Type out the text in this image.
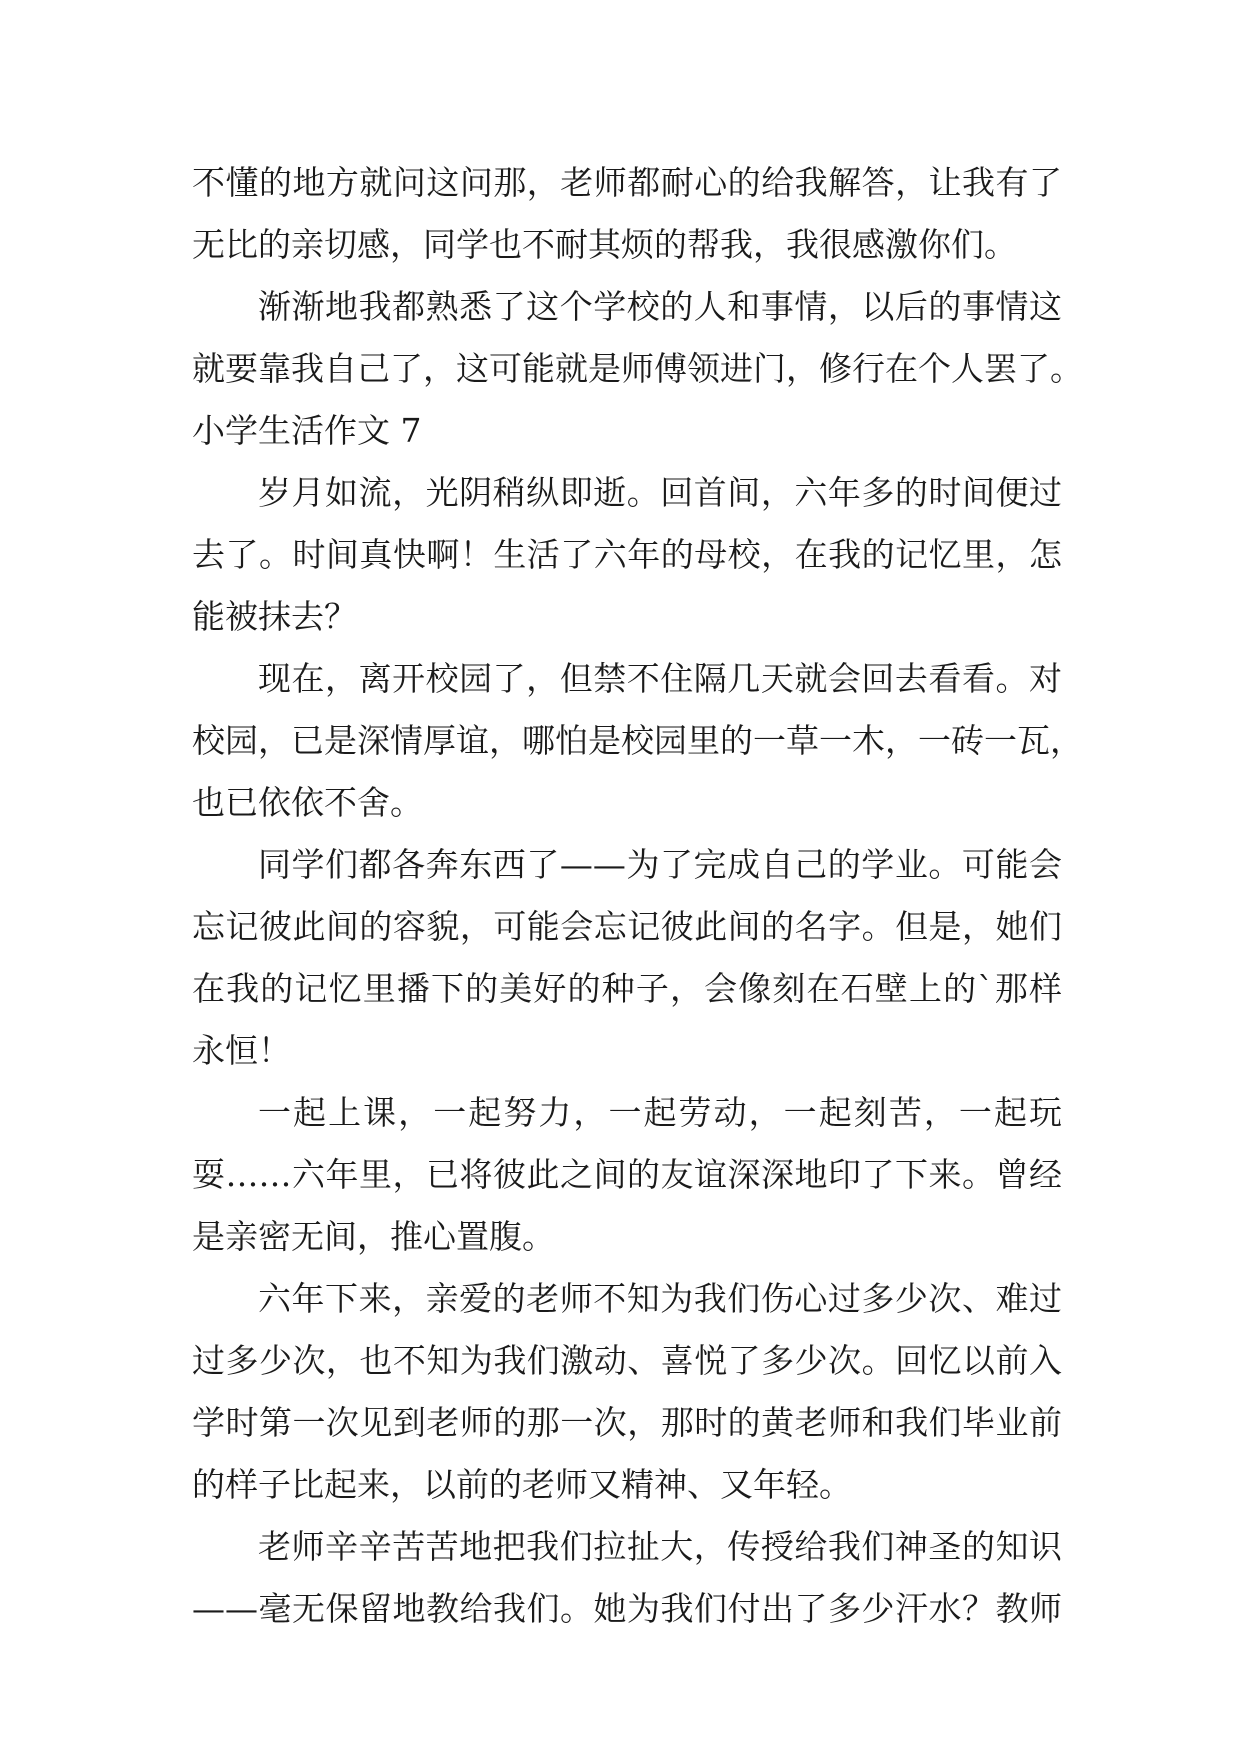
不懂的地方就问这问那，老师都耐心的给我解答，让我有了
无比的亲切感，同学也不耐其烦的帮我，我很感激你们。
渐渐地我都熟悉了这个学校的人和事情，以后的事情这
就要靠我自己了，这可能就是师傅领进门，修行在个人罢了。
小学生活作文 7
岁月如流，光阴稍纵即逝。回首间，六年多的时间便过
去了。时间真快啊！生活了六年的母校，在我的记忆里，怎
能被抹去？
现在，离开校园了，但禁不住隔几天就会回去看看。对
校园，已是深情厚谊，哪怕是校园里的一草一木，一砖一瓦，
也已依依不舍。
同学们都各奔东西了——为了完成自己的学业。可能会
忘记彼此间的容貌，可能会忘记彼此间的名字。但是，她们
在我的记忆里播下的美好的种子，会像刻在石壁上的`那样
永恒！
一起上课，一起努力，一起劳动，一起刻苦，一起玩
耍……六年里，已将彼此之间的友谊深深地印了下来。曾经
是亲密无间，推心置腹。
六年下来，亲爱的老师不知为我们伤心过多少次、难过
过多少次，也不知为我们激动、喜悦了多少次。回忆以前入
学时第一次见到老师的那一次，那时的黄老师和我们毕业前
的样子比起来，以前的老师又精神、又年轻。
老师辛辛苦苦地把我们拉扯大，传授给我们神圣的知识
——毫无保留地教给我们。她为我们付出了多少汗水？教师
